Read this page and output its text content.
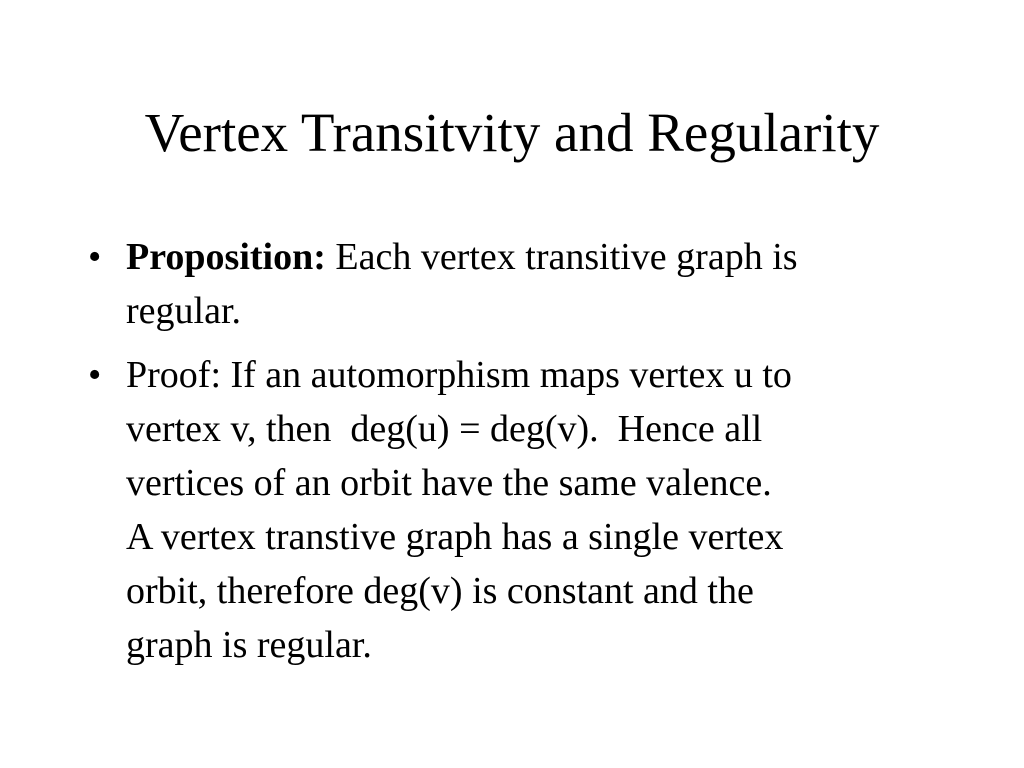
Vertex Transitvity and Regularity
• Proposition: Each vertex transitive graph is
regular.
• Proof: If an automorphism maps vertex u to
vertex v, then  deg(u) = deg(v).  Hence all
vertices of an orbit have the same valence.
A vertex transtive graph has a single vertex
orbit, therefore deg(v) is constant and the
graph is regular.
